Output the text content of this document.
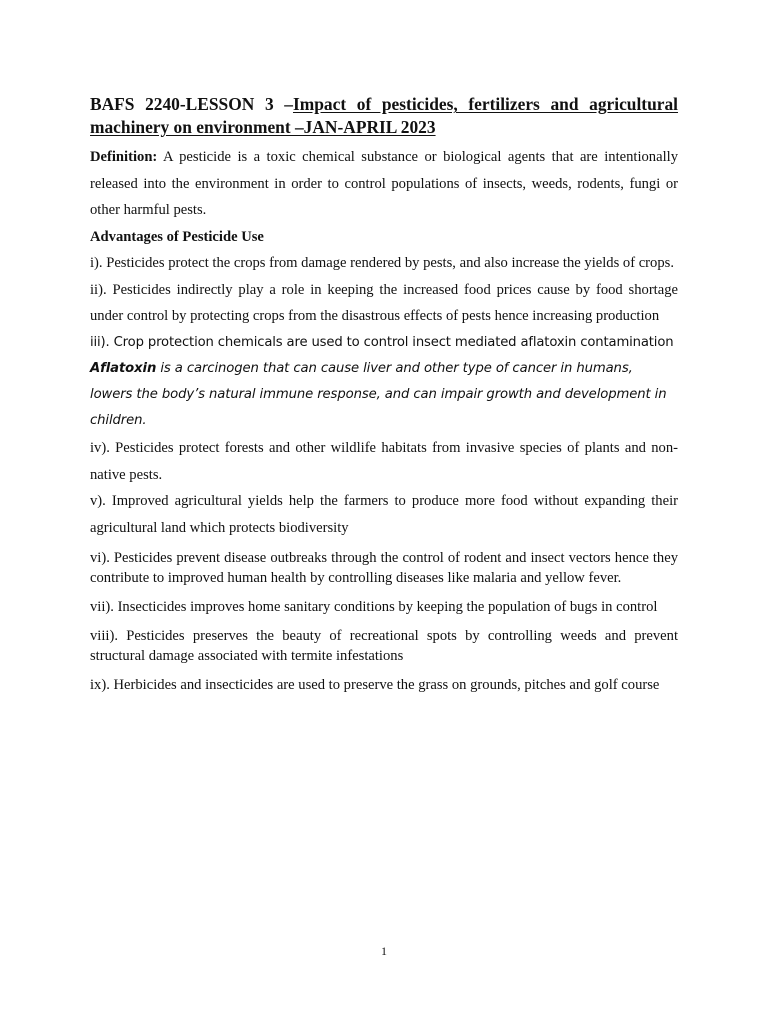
BAFS 2240-LESSON 3 –Impact of pesticides, fertilizers and agricultural machinery on environment –JAN-APRIL 2023

Definition: A pesticide is a toxic chemical substance or biological agents that are intentionally released into the environment in order to control populations of insects, weeds, rodents, fungi or other harmful pests.

Advantages of Pesticide Use

i). Pesticides protect the crops from damage rendered by pests, and also increase the yields of crops.

ii). Pesticides indirectly play a role in keeping the increased food prices cause by food shortage under control by protecting crops from the disastrous effects of pests hence increasing production

iii). Crop protection chemicals are used to control insect mediated aflatoxin contamination

Aflatoxin is a carcinogen that can cause liver and other type of cancer in humans, lowers the body’s natural immune response, and can impair growth and development in children.

iv). Pesticides protect forests and other wildlife habitats from invasive species of plants and non-native pests.

v). Improved agricultural yields help the farmers to produce more food without expanding their agricultural land which protects biodiversity

vi). Pesticides prevent disease outbreaks through the control of rodent and insect vectors hence they contribute to improved human health by controlling diseases like malaria and yellow fever.

vii). Insecticides improves home sanitary conditions by keeping the population of bugs in control

viii). Pesticides preserves the beauty of recreational spots by controlling weeds and prevent structural damage associated with termite infestations

ix). Herbicides and insecticides are used to preserve the grass on grounds, pitches and golf course

1
